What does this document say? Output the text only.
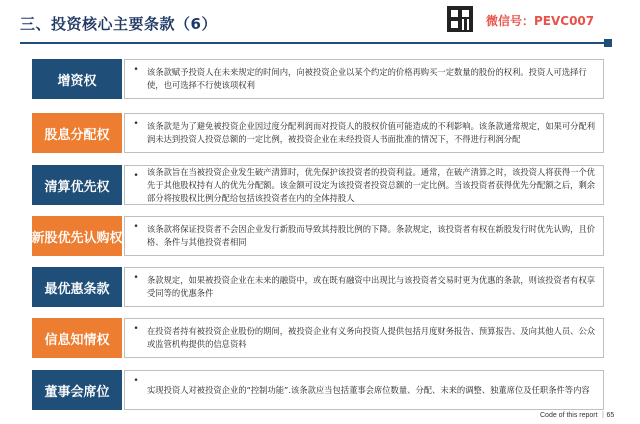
三、投资核心主要条款（6）	微信号：PEVC007
增资权
•	该条款赋予投资人在未来规定的时间内，向被投资企业以某个约定的价格再购买一定数量的股份的权利。投资人可选择行使，也可选择不行使该项权利
股息分配权
•	该条款是为了避免被投资企业因过度分配利润而对投资人的股权价值可能造成的不利影响。该条款通常规定，如果可分配利润未达到投资人投资总额的一定比例，被投资企业在未经投资人书面批准的情况下，不得进行利润分配
清算优先权
•	该条款旨在当被投资企业发生破产清算时，优先保护该投资者的投资利益。通常，在破产清算之时，该投资人将获得一个优先于其他股权持有人的优先分配额。该金额可设定为该投资者投资总额的一定比例。当该投资者获得优先分配额之后，剩余部分将按股权比例分配给包括该投资者在内的全体持股人
新股优先认购权
•	该条款将保证投资者不会因企业发行新股而导致其持股比例的下降。条款规定，该投资者有权在新股发行时优先认购，且价格、条件与其他投资者相同
最优惠条款
•	条款规定，如果被投资企业在未来的融资中，或在既有融资中出现比与该投资者交易时更为优惠的条款，则该投资者有权享受同等的优惠条件
信息知情权
•	在投资者持有被投资企业股份的期间，被投资企业有义务向投资人提供包括月度财务报告、预算报告、及向其他人员、公众或监管机构提供的信息资料
董事会席位
•
实现投资人对被投资企业的“控制功能”.该条款应当包括董事会席位数量、分配、未来的调整、独董席位及任职条件等内容
Code of this report ｜65
